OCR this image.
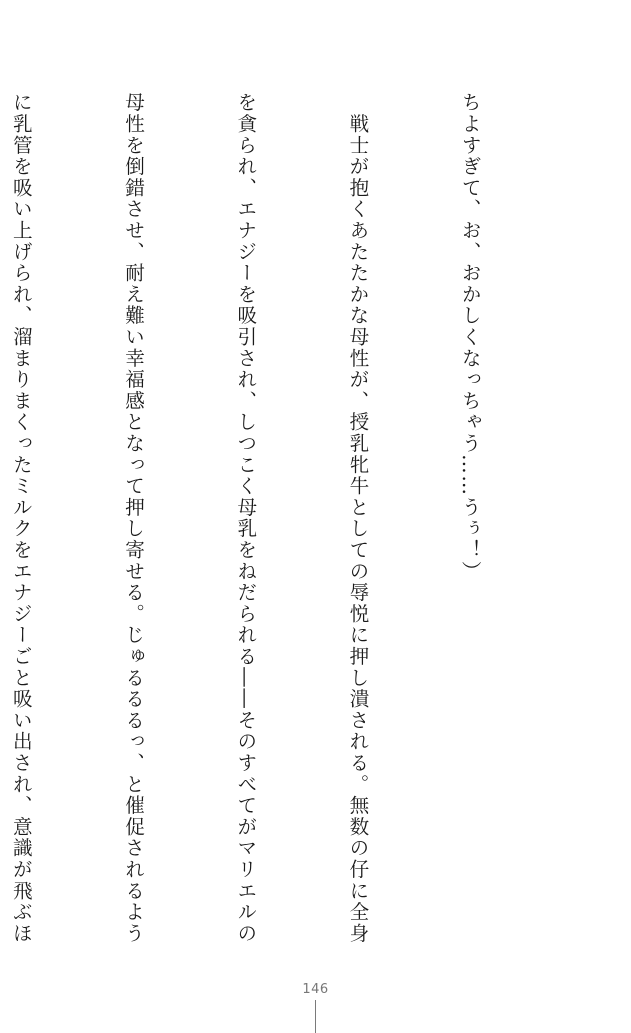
ちよすぎて、お、おかしくなっちゃう……うぅ！）

　戦士が抱くあたたかな母性が、授乳牝牛としての辱悦に押し潰される。無数の仔に全身

を貪られ、エナジーを吸引され、しつこく母乳をねだられる――そのすべてがマリエルの

母性を倒錯させ、耐え難い幸福感となって押し寄せる。じゅるるるっ、と催促されるよう

に乳管を吸い上げられ、溜まりまくったミルクをエナジーごと吸い出され、意識が飛ぶほ

146
